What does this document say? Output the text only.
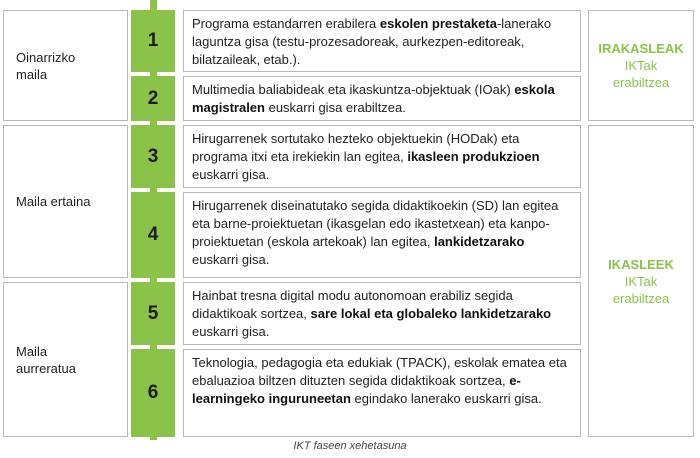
Oinarrizko
maila
Maila ertaina
Maila
aurreratua
1
2
3
4
5
6
Programa estandarren erabilera eskolen prestaketa-lanerako laguntza gisa (testu-prozesadoreak, aurkezpen-editoreak, bilatzaileak, etab.).
Multimedia baliabideak eta ikaskuntza-objektuak (IOak) eskola magistralen euskarri gisa erabiltzea.
Hirugarrenek sortutako hezteko objektuekin (HODak) eta programa itxi eta irekiekin lan egitea, ikasleen produkzioen euskarri gisa.
Hirugarrenek diseinatutako segida didaktikoekin (SD) lan egitea eta barne-proiektuetan (ikasgelan edo ikastetxean) eta kanpo-proiektuetan (eskola artekoak) lan egitea, lankidetzarako euskarri gisa.
Hainbat tresna digital modu autonomoan erabiliz segida didaktikoak sortzea, sare lokal eta globaleko lankidetzarako euskarri gisa.
Teknologia, pedagogia eta edukiak (TPACK), eskolak ematea eta ebaluazioa biltzen dituzten segida didaktikoak sortzea, e-learningeko inguruneetan egindako lanerako euskarri gisa.
IRAKASLEAK
IKTak
erabiltzea
IKASLEEK
IKTak
erabiltzea
IKT faseen xehetasuna
